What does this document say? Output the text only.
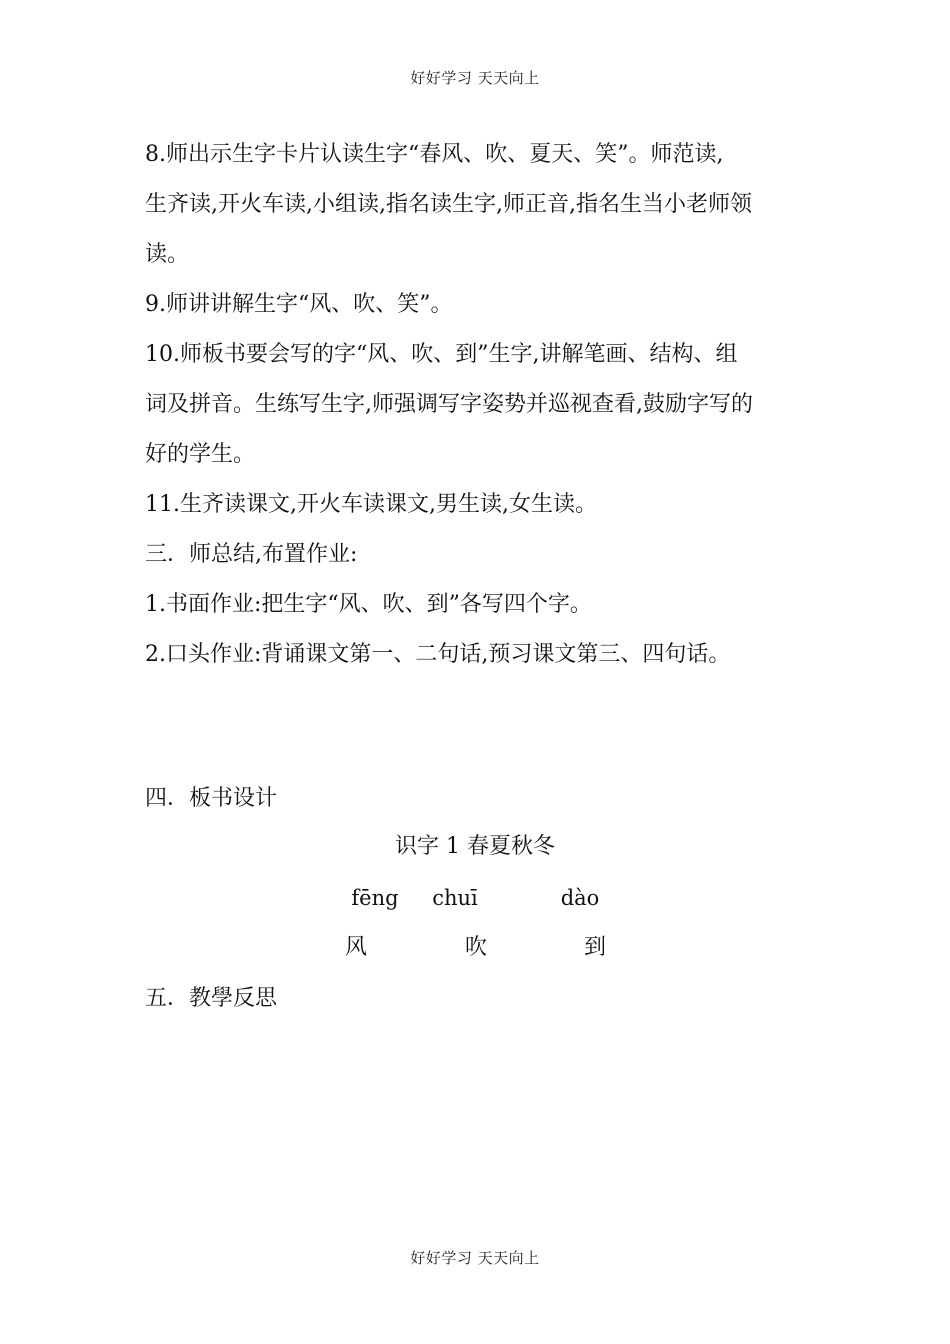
好好学习 天天向上

8.师出示生字卡片认读生字“春风、吹、夏天、笑”。师范读,

生齐读,开火车读,小组读,指名读生字,师正音,指名生当小老师领

读。

9.师讲讲解生字“风、吹、笑”。

10.师板书要会写的字“风、吹、到”生字,讲解笔画、结构、组

词及拼音。生练写生字,师强调写字姿势并巡视查看,鼓励字写的

好的学生。

11.生齐读课文,开火车读课文,男生读,女生读。

三．师总结,布置作业:

1.书面作业:把生字“风、吹、到”各写四个字。

2.口头作业:背诵课文第一、二句话,预习课文第三、四句话。

四．板书设计
识字 1 春夏秋冬
fēng	chuī	dào
风	吹	到
五．教學反思
好好学习 天天向上
